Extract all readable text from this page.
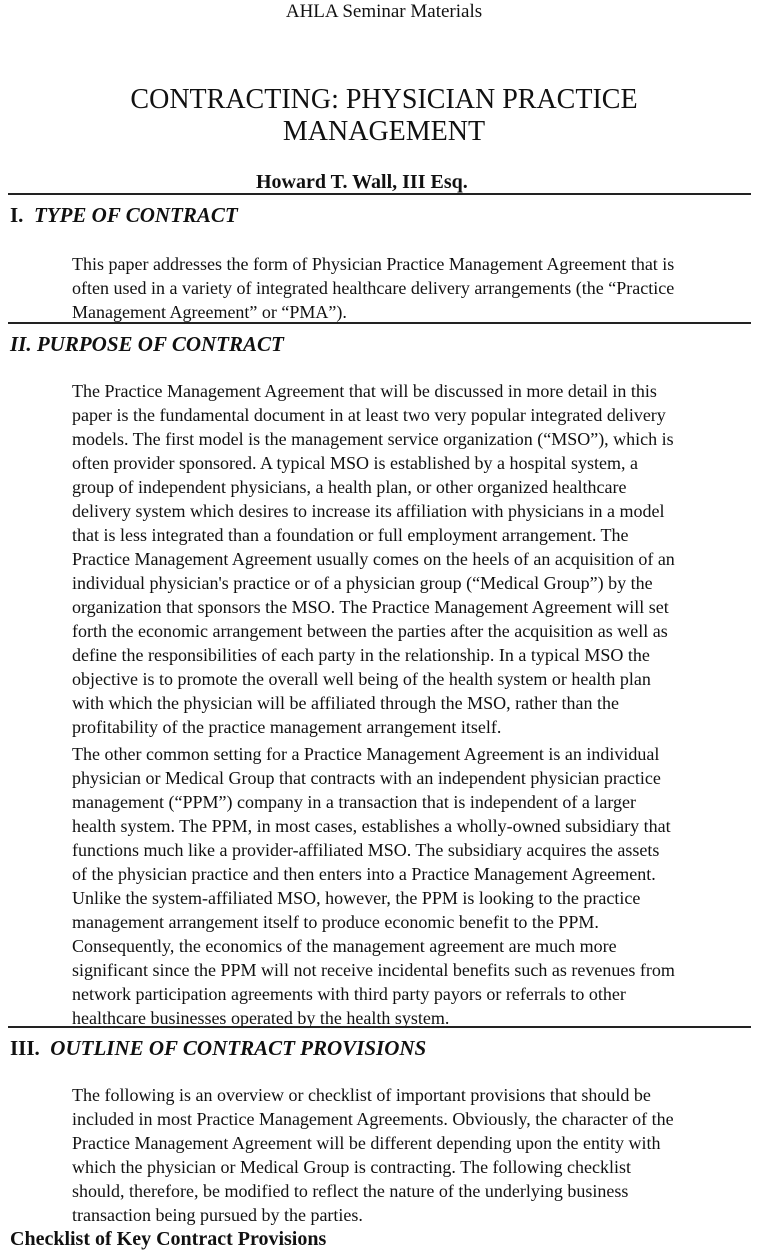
AHLA Seminar Materials
CONTRACTING: PHYSICIAN PRACTICE
MANAGEMENT
Howard T. Wall, III Esq.
I. TYPE OF CONTRACT
This paper addresses the form of Physician Practice Management Agreement that is
often used in a variety of integrated healthcare delivery arrangements (the “Practice
Management Agreement” or “PMA”).
II. PURPOSE OF CONTRACT
The Practice Management Agreement that will be discussed in more detail in this
paper is the fundamental document in at least two very popular integrated delivery
models. The first model is the management service organization (“MSO”), which is
often provider sponsored. A typical MSO is established by a hospital system, a
group of independent physicians, a health plan, or other organized healthcare
delivery system which desires to increase its affiliation with physicians in a model
that is less integrated than a foundation or full employment arrangement. The
Practice Management Agreement usually comes on the heels of an acquisition of an
individual physician's practice or of a physician group (“Medical Group”) by the
organization that sponsors the MSO. The Practice Management Agreement will set
forth the economic arrangement between the parties after the acquisition as well as
define the responsibilities of each party in the relationship. In a typical MSO the
objective is to promote the overall well being of the health system or health plan
with which the physician will be affiliated through the MSO, rather than the
profitability of the practice management arrangement itself.
The other common setting for a Practice Management Agreement is an individual
physician or Medical Group that contracts with an independent physician practice
management (“PPM”) company in a transaction that is independent of a larger
health system. The PPM, in most cases, establishes a wholly-owned subsidiary that
functions much like a provider-affiliated MSO. The subsidiary acquires the assets
of the physician practice and then enters into a Practice Management Agreement.
Unlike the system-affiliated MSO, however, the PPM is looking to the practice
management arrangement itself to produce economic benefit to the PPM.
Consequently, the economics of the management agreement are much more
significant since the PPM will not receive incidental benefits such as revenues from
network participation agreements with third party payors or referrals to other
healthcare businesses operated by the health system.
III. OUTLINE OF CONTRACT PROVISIONS
The following is an overview or checklist of important provisions that should be
included in most Practice Management Agreements. Obviously, the character of the
Practice Management Agreement will be different depending upon the entity with
which the physician or Medical Group is contracting. The following checklist
should, therefore, be modified to reflect the nature of the underlying business
transaction being pursued by the parties.
Checklist of Key Contract Provisions
